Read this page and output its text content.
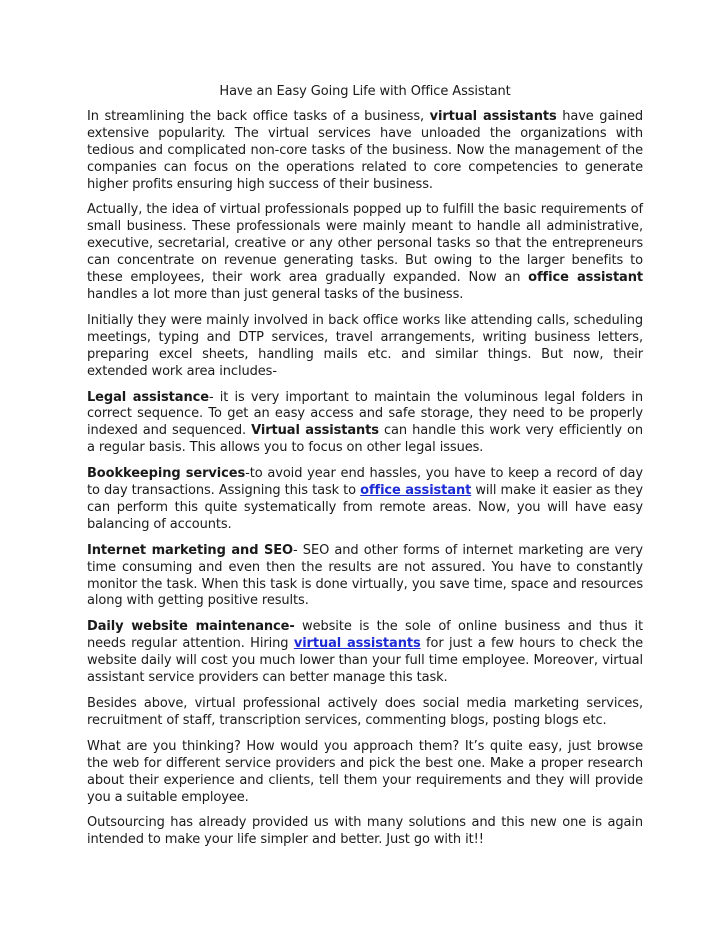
Have an Easy Going Life with Office Assistant

In streamlining the back office tasks of a business, virtual assistants have gained extensive popularity. The virtual services have unloaded the organizations with tedious and complicated non-core tasks of the business. Now the management of the companies can focus on the operations related to core competencies to generate higher profits ensuring high success of their business.

Actually, the idea of virtual professionals popped up to fulfill the basic requirements of small business. These professionals were mainly meant to handle all administrative, executive, secretarial, creative or any other personal tasks so that the entrepreneurs can concentrate on revenue generating tasks. But owing to the larger benefits to these employees, their work area gradually expanded. Now an office assistant handles a lot more than just general tasks of the business.

Initially they were mainly involved in back office works like attending calls, scheduling meetings, typing and DTP services, travel arrangements, writing business letters, preparing excel sheets, handling mails etc. and similar things. But now, their extended work area includes-

Legal assistance- it is very important to maintain the voluminous legal folders in correct sequence. To get an easy access and safe storage, they need to be properly indexed and sequenced. Virtual assistants can handle this work very efficiently on a regular basis. This allows you to focus on other legal issues.

Bookkeeping services-to avoid year end hassles, you have to keep a record of day to day transactions. Assigning this task to office assistant will make it easier as they can perform this quite systematically from remote areas. Now, you will have easy balancing of accounts.

Internet marketing and SEO- SEO and other forms of internet marketing are very time consuming and even then the results are not assured. You have to constantly monitor the task. When this task is done virtually, you save time, space and resources along with getting positive results.

Daily website maintenance- website is the sole of online business and thus it needs regular attention. Hiring virtual assistants for just a few hours to check the website daily will cost you much lower than your full time employee. Moreover, virtual assistant service providers can better manage this task.

Besides above, virtual professional actively does social media marketing services, recruitment of staff, transcription services, commenting blogs, posting blogs etc.

What are you thinking? How would you approach them? It’s quite easy, just browse the web for different service providers and pick the best one. Make a proper research about their experience and clients, tell them your requirements and they will provide you a suitable employee.

Outsourcing has already provided us with many solutions and this new one is again intended to make your life simpler and better. Just go with it!!
